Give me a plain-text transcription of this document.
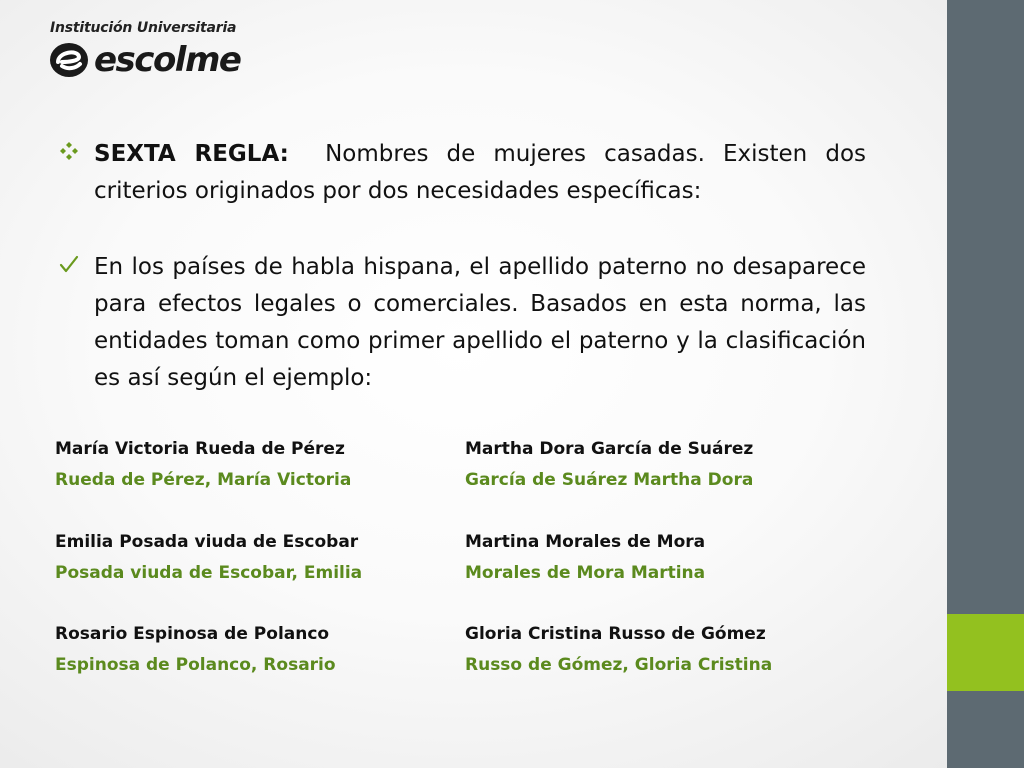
Institución Universitaria
escolme
SEXTA REGLA: Nombres de mujeres casadas. Existen dos criterios originados por dos necesidades específicas:
En los países de habla hispana, el apellido paterno no desaparece para efectos legales o comerciales. Basados en esta norma, las entidades toman como primer apellido el paterno y la clasificación es así según el ejemplo:
María Victoria Rueda de Pérez
Rueda de Pérez, María Victoria
Emilia Posada viuda de Escobar
Posada viuda de Escobar, Emilia
Rosario Espinosa de Polanco
Espinosa de Polanco, Rosario
Martha Dora García de Suárez
García de Suárez Martha Dora
Martina Morales de Mora
Morales de Mora Martina
Gloria Cristina Russo de Gómez
Russo de Gómez, Gloria Cristina
